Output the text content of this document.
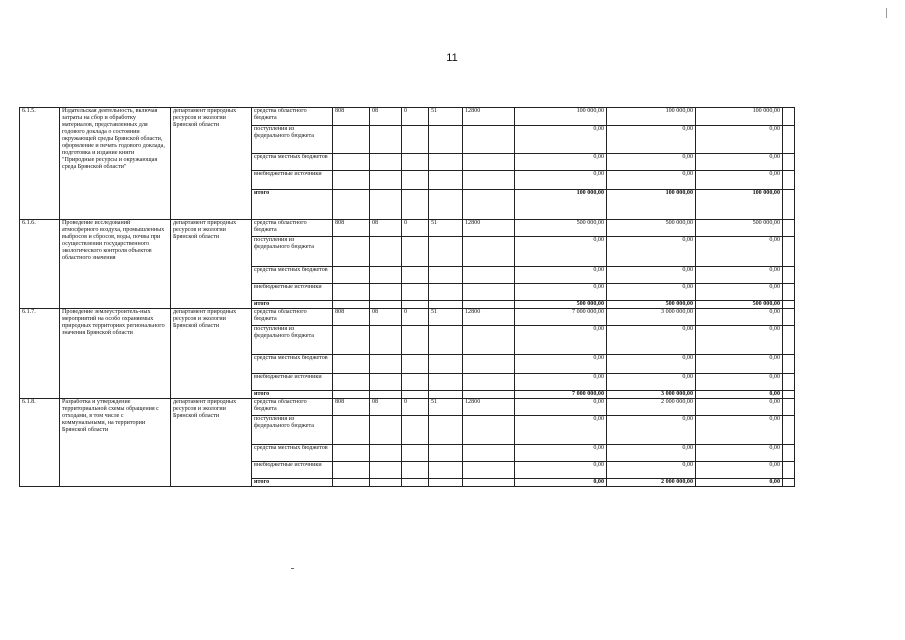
11
6.1.5.	Издательская деятельность, включая затраты на сбор и обработку материалов, представленных для годового доклада о состоянии окружающей среды Брянской области, оформление и печать годового доклада, подготовка и издание книги "Природные ресурсы и окружающая среда Брянской области"	департамент природных ресурсов и экологии Брянской области	средства областного бюджета	808	08	0	51	12800	100 000,00	100 000,00	100 000,00	
			поступления из федерального бюджета						0,00	0,00	0,00	
			средства местных бюджетов						0,00	0,00	0,00	
			внебюджетные источники						0,00	0,00	0,00	
			итого						100 000,00	100 000,00	100 000,00	
6.1.6.	Проведение исследований атмосферного воздуха, промышленных выбросов и сбросов, воды, почвы при осуществлении государственного экологического контроля объектов областного значения	департамент природных ресурсов и экологии Брянской области	средства областного бюджета	808	08	0	51	12800	500 000,00	500 000,00	500 000,00	
			поступления из федерального бюджета						0,00	0,00	0,00	
			средства местных бюджетов						0,00	0,00	0,00	
			внебюджетные источники						0,00	0,00	0,00	
			итого						500 000,00	500 000,00	500 000,00	
6.1.7.	Проведение землеустроитель-ных мероприятий на особо охраняемых природных территориях регионального значения Брянской области	департамент природных ресурсов и экологии Брянской области	средства областного бюджета	808	08	0	51	12800	7 000 000,00	3 000 000,00	0,00	
			поступления из федерального бюджета						0,00	0,00	0,00	
			средства местных бюджетов						0,00	0,00	0,00	
			внебюджетные источники						0,00	0,00	0,00	
			итого						7 000 000,00	3 000 000,00	0,00	
6.1.8.	Разработка и утверждение территориальной схемы обращения с отходами, в том числе с коммунальными, на территории Брянской области	департамент природных ресурсов и экологии Брянской области	средства областного бюджета	808	08	0	51	12800	0,00	2 000 000,00	0,00	
			поступления из федерального бюджета						0,00	0,00	0,00	
			средства местных бюджетов						0,00	0,00	0,00	
			внебюджетные источники						0,00	0,00	0,00	
			итого						0,00	2 000 000,00	0,00	
